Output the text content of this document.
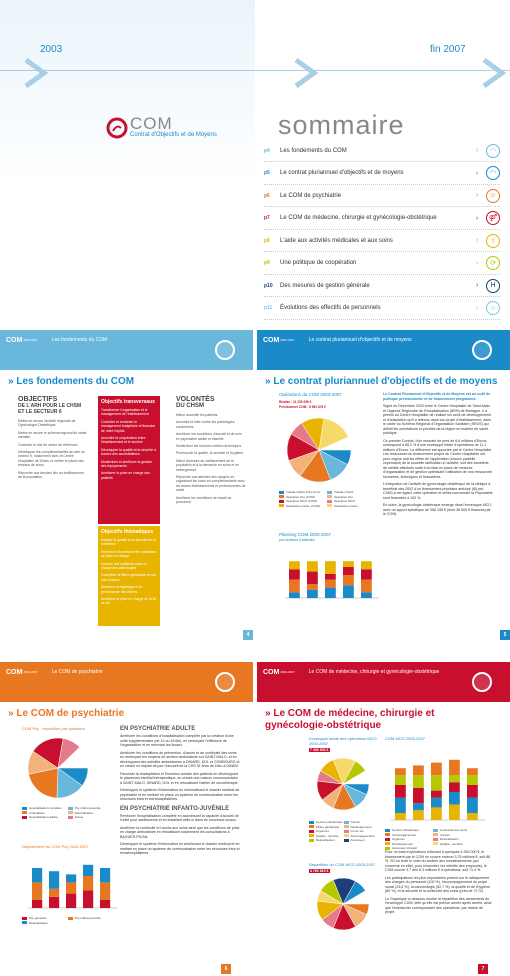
2003	fin 2007
COM
Contrat d'Objectifs et de Moyens sommaire
p4	Les fondements du COM	›	◠
p5	Le contrat pluriannuel d'objectifs et de moyens	›	◠
p6	Le COM de psychiatrie	›	☺
p7	Le COM de médecine, chirurgie et gynécologie-obstétrique	›	⚤
p8	L'aide aux activités médicales et aux soins	›	⚕
p9	Une politique de coopération	›	⟳
p10	Des mesures de gestion générale	›	H
p11	Évolutions des effectifs de personnels	›	☺
COM 2003-2007	Les fondements du COM
» Les fondements du COM
OBJECTIFS
DE L'ARH POUR LE CHSM ET LE SECTEUR 6
Mettre en œuvre l'activité régionale de Gynécologie-Obstétrique.
Mettre en œuvre le schéma régional de santé mentale.
Conforter le rôle de centre de référence.
Développer les complémentarités au sein du secteur 6, notamment avec le Centre Hospitalier de Dinan, et mettre en place des réseaux de soins.
Répondre aux besoins liés au vieillissement de la population.
Objectifs transversaux
Transformer l'organisation et le management de l'établissement
Conforter et renforcer le management budgétaire et financier de notre hôpital
Accroître la coopération entre l'établissement et le secteur
Développer la qualité et la sécurité à travers des accréditations
Moderniser et améliorer la gestion des équipements
Améliorer la prise en charge des patients
Objectifs thématiques
Assurer la qualité et la sécurité de la médecine
Renforcer et améliorer les conditions de prise en charge
Assurer une meilleure prise en charge des pathologies
Compléter la filière gériatrique et son plan d'action
Améliorer la logistique et la performance des filières
Améliorer la prise en charge de la fin de vie
VOLONTÉS
DU CHSM
Mieux accueillir les patients.
Accroître la lutte contre les pathologies carcinomes.
Améliorer les conditions d'accueil et de soin en psychiatrie adulte et infantile.
Moderniser les services médico-techniques.
Promouvoir la qualité, la sécurité et l'hygiène.
Mieux répondre au vieillissement de la population et à la demande en soins et en hébergement.
Répondre aux attentes des usagers en organisant les soins en complémentarité avec les autres établissements et professionnels de santé.
Améliorer les conditions de travail du personnel.
4
COM 2003-2007	Le contrat pluriannuel d'objectifs et de moyens
» Le contrat pluriannuel d'objectifs et de moyens
Opérations du COM 2003-2007
Réalisé : 11 235 096 €
Prévisionnel COM : 8 964 876 €
Travaux Maint-Prév-Conv	Travaux NeufsOpération Psy (COM)	Opération PsyOpération MCO (COM)	Opération MCOOpérations transv. (COM)	Opérations transv.
Planning COM 2003-2007
par secteurs d'activités
Le Contrat Pluriannuel d'Objectifs et de Moyens est un outil de politique prévisionnelle et de financement programmé.
Signé en Décembre 2003 entre le Centre Hospitalier de Saint-Malo et l'Agence Régionale de l'Hospitalisation (ARH) de Bretagne, il a permis au Centre Hospitalier de réaliser les axes de développement et d'adaptation qu'il a retenus dans son projet d'établissement, dans le cadre du Schéma Régional d'Organisation Sanitaire (SROS) qui définit les orientations et priorités de la région en matière de santé publique.
Ce premier Contrat, d'un montant de près de 6,6 millions d'Euros, correspond à 68,2 % d'une enveloppe totale d'opérations de 11,1 millions d'Euros. La différence est apportée par le Centre Hospitalier. Les ressources du financement propre du Centre Hospitalier ont pour origine soit les effets de l'application (encore partielle cependant) de la nouvelle tarification à l'activité, soit des transferts de crédits effectués suite à la mise en place de mesures d'organisation et de gestion optimisant l'utilisation de nos ressources humaines, techniques et financières.
L'intégration de l'activité de gynécologie-obstétrique de la clinique a bénéficié dès 2002 d'un financement prioritaire anticipé (85 pré-COM) à cet égard; cette opération et celles concernant la Psychiatrie sont financées à 100 %.
En outre, la gynécologie-obstétrique émarge dans l'enveloppe MCO, avec un apport spécifique de 358 335 € (dont 38 500 € financés par le COM).
5
COM 2003-2007	Le COM de psychiatrie
» Le COM de psychiatrie
COM Psy : répartition par opération
Hospitalisation complète	Psy infanto-juvénileAmbulatoire	RelocalisationHospitalisation adulte	Autres
Déploiement du COM Psy 2003-2007
Psy générale	Psy infanto-juvénileRelocalisation
EN PSYCHIATRIE ADULTE
Améliorer les conditions d'hospitalisation complète par la création d'une unité supplémentaire (de 12 ou 18 lits), en renforçant l'efficience de l'organisation et en rénovant les locaux.
Améliorer les conditions de prévention, d'accès et de continuité des soins en renforçant les moyens du secteur ambulatoire sur SAINT-MALO, et en développant des activités ambulatoires à DINARD, DOL et COMBOURG et en créant un hôpital de jour d'accueil de la CHS St Jean de Dieu à DINAN.
Favoriser la réadaptation et l'insertion sociale des patients en développant le placement familial thérapeutique, en créant une maison communautaire à SAINT-MALO, DINARD, DOL et en relocalisant l'atelier de sociothérapie.
Développer le système d'information en informatisant le dossier médical de psychiatrie et en mettant en place un système de communication entre les structures intra et extrahospitalières.
EN PSYCHIATRIE INFANTO-JUVÉNILE
Renforcer l'hospitalisation complète en accroissant la capacité d'accueil de l'unité pour adolescents et en installant celle-ci dans de nouveaux locaux.
Améliorer la continuité et l'accès aux soins ainsi que les conditions de prise en charge ambulatoire en relocalisant notamment les consultations à BAGUER-PICAN.
Développer le système d'information en améliorant le dossier médical et en mettant en place un système de communication entre les structures intra et extrahospitalières.
6
COM 2003-2007	Le COM de médecine, chirurgie et gynécologie-obstétrique
» Le COM de médecine, chirurgie et gynécologie-obstétrique
Enveloppe totale des opérations MCO 2003-2007
7 360 533 €
Gynéco-Obstétrique	CancerFilière gériatrique	DéveloppementUrgences	Fin de vieQualité - sécurité	AccompagnementRelocalisation	Ascenseur
Répartition du COM MCO 2003-2007
3 760 815 €
COM MCO 2003-2007
Gynéco-Obstétrique	Continuité des soinsAccompagnement	CancerUrgences	RelocalisationDéveloppement	Qualité - sécuritéAscenseur intégral
Pour un total d'opérations s'élevant à quelques 4 260 000 €, le financement par le COM en couvre environ 3,76 millions €, soit 88 %. Si l'on isole le volet du soutien aux investissements (qui concerne en effet, pour l'essentiel, les intérêts des emprunts), le COM couvre 3,7 des 6,3 millions € d'opérations, soit 71,4 %.
Les participations les plus importantes portent sur le rattrapement des charges du personnel (100 %), l'accompagnement du projet social (23,6 %), la cancérologie (52,7 %), la qualité et de l'hygiène (80 %), et la sécurité et la continuité des soins (près de 72 %).
Le Graphique ci-dessous montre la répartition des versements de l'enveloppe COM, telle qu'elle est prévue année après année, ainsi que l'échéancier correspondant des opérations, par nature de projet.
7
